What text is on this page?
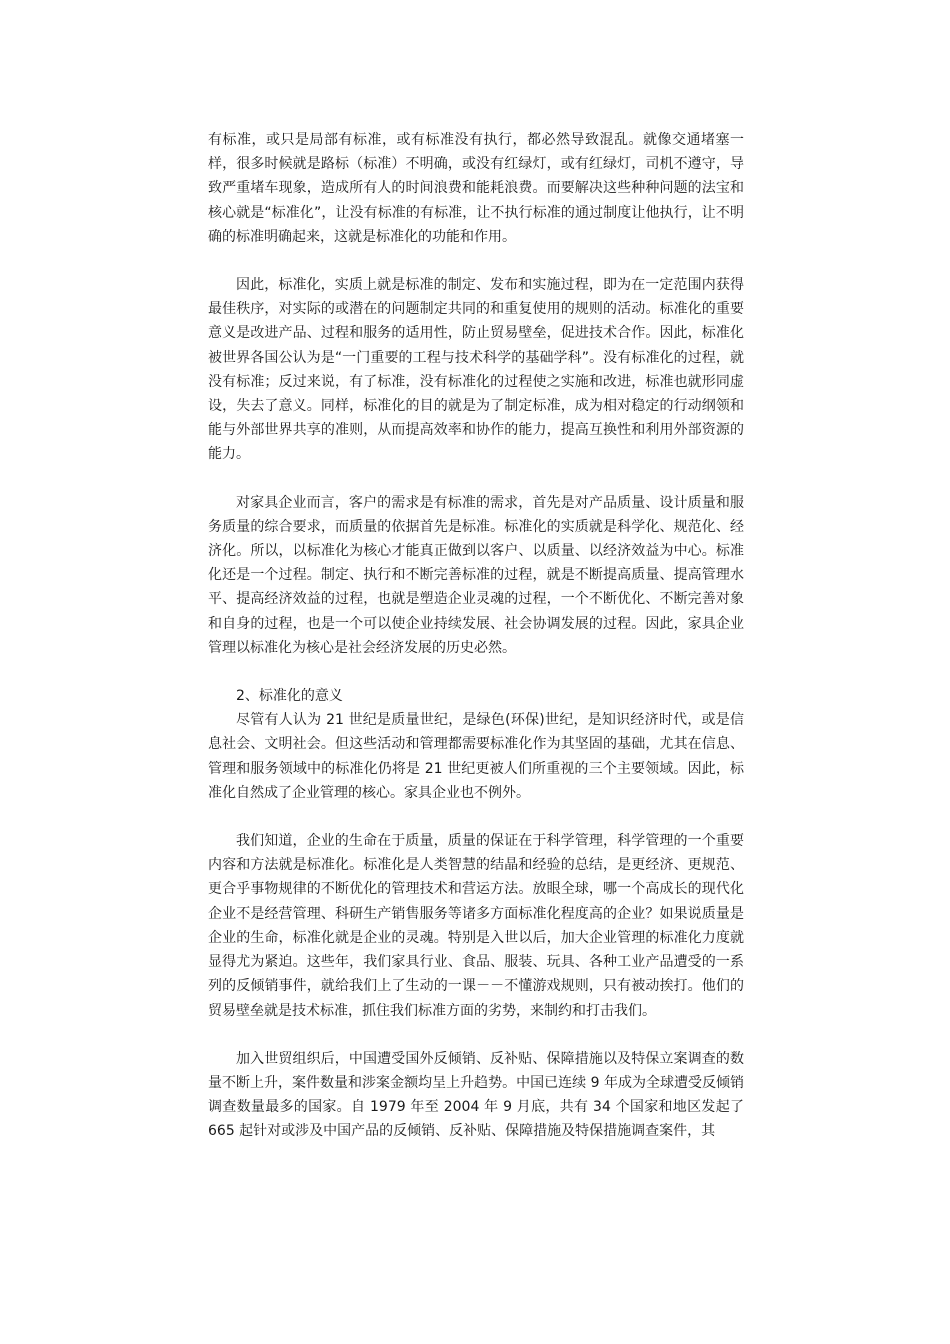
有标准，或只是局部有标准，或有标准没有执行，都必然导致混乱。就像交通堵塞一样，很多时候就是路标（标准）不明确，或没有红绿灯，或有红绿灯，司机不遵守，导致严重堵车现象，造成所有人的时间浪费和能耗浪费。而要解决这些种种问题的法宝和核心就是“标准化”，让没有标准的有标准，让不执行标准的通过制度让他执行，让不明确的标准明确起来，这就是标准化的功能和作用。

因此，标准化，实质上就是标准的制定、发布和实施过程，即为在一定范围内获得最佳秩序，对实际的或潜在的问题制定共同的和重复使用的规则的活动。标准化的重要意义是改进产品、过程和服务的适用性，防止贸易壁垒，促进技术合作。因此，标准化被世界各国公认为是“一门重要的工程与技术科学的基础学科”。没有标准化的过程，就没有标准；反过来说，有了标准，没有标准化的过程使之实施和改进，标准也就形同虚设，失去了意义。同样，标准化的目的就是为了制定标准，成为相对稳定的行动纲领和能与外部世界共享的准则，从而提高效率和协作的能力，提高互换性和利用外部资源的能力。

对家具企业而言，客户的需求是有标准的需求，首先是对产品质量、设计质量和服务质量的综合要求，而质量的依据首先是标准。标准化的实质就是科学化、规范化、经济化。所以，以标准化为核心才能真正做到以客户、以质量、以经济效益为中心。标准化还是一个过程。制定、执行和不断完善标准的过程，就是不断提高质量、提高管理水平、提高经济效益的过程，也就是塑造企业灵魂的过程，一个不断优化、不断完善对象和自身的过程，也是一个可以使企业持续发展、社会协调发展的过程。因此，家具企业管理以标准化为核心是社会经济发展的历史必然。

2、标准化的意义

尽管有人认为 21 世纪是质量世纪，是绿色(环保)世纪，是知识经济时代，或是信息社会、文明社会。但这些活动和管理都需要标准化作为其坚固的基础，尤其在信息、管理和服务领域中的标准化仍将是 21 世纪更被人们所重视的三个主要领域。因此，标准化自然成了企业管理的核心。家具企业也不例外。

我们知道，企业的生命在于质量，质量的保证在于科学管理，科学管理的一个重要内容和方法就是标准化。标准化是人类智慧的结晶和经验的总结，是更经济、更规范、更合乎事物规律的不断优化的管理技术和营运方法。放眼全球，哪一个高成长的现代化企业不是经营管理、科研生产销售服务等诸多方面标准化程度高的企业？如果说质量是企业的生命，标准化就是企业的灵魂。特别是入世以后，加大企业管理的标准化力度就显得尤为紧迫。这些年，我们家具行业、食品、服装、玩具、各种工业产品遭受的一系列的反倾销事件，就给我们上了生动的一课－－不懂游戏规则，只有被动挨打。他们的贸易壁垒就是技术标准，抓住我们标准方面的劣势，来制约和打击我们。

加入世贸组织后，中国遭受国外反倾销、反补贴、保障措施以及特保立案调查的数量不断上升，案件数量和涉案金额均呈上升趋势。中国已连续 9 年成为全球遭受反倾销调查数量最多的国家。自 1979 年至 2004 年 9 月底，共有 34 个国家和地区发起了 665 起针对或涉及中国产品的反倾销、反补贴、保障措施及特保措施调查案件，其
